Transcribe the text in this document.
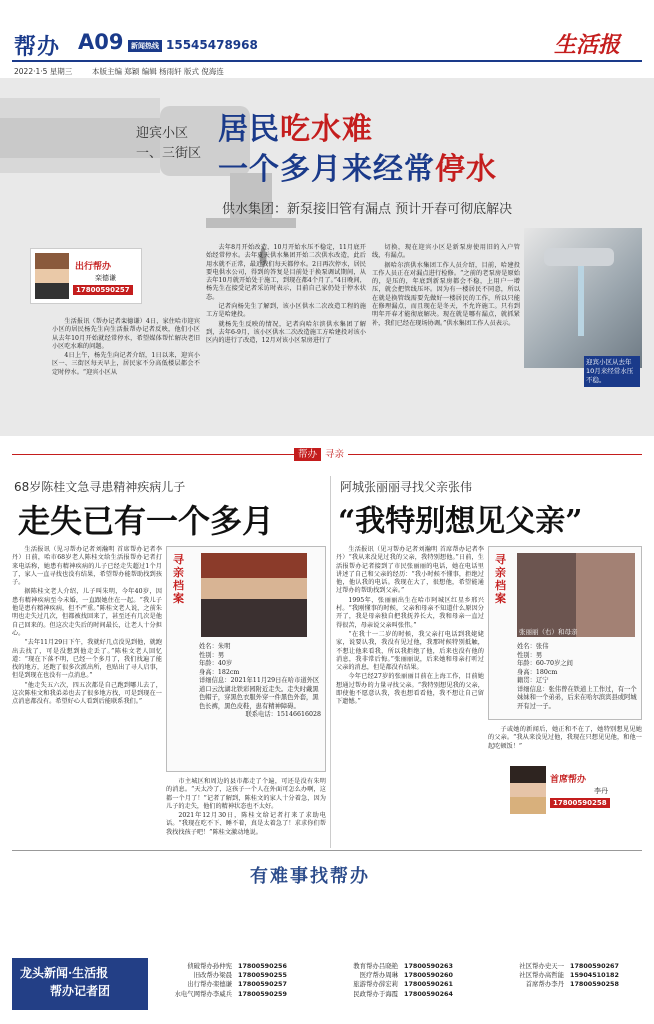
帮办 A09	新闻热线 15545478968	生活报
2022·1·5 星期三	本版主编 郑颖 编辑 杨雨轩 版式 倪海连
迎宾小区
一、三街区
居民吃水难
一个多月来经常停水
供水集团：新泵接旧管有漏点 预计开春可彻底解决
出行帮办
栾德谦
17800590257

生活报讯（帮办记者栾德谦）4日，家住哈市迎宾小区的居民杨先生向生活报帮办记者反映，他们小区从去年10月开始就经常停水，希望媒体帮忙解决老旧小区吃水难的问题。

4日上午，杨先生向记者介绍，1日以来，迎宾小区一、三街区每天早上，居民家不分高低楼层都会不定时停水。“迎宾小区从

去年8月开始改造，10月开始水压不稳定，11月底开始经常停水。去年夏天供水集团开始二次供水改造，此后用水就不正常，最近我们每天都停水。2日再次停水，居民要电供水公司，得到的答复是目前处于换泵调试期间，从去年10月就开始处于施工，到现在都4个月了。”4日晚间，杨先生在接受记者采访时表示，目前自己家仍处于停水状态。

记者向杨先生了解到，该小区供水二次改造工程的施工方是哈建投。

就杨先生反映的情况，记者向哈尔滨供水集团了解到，去年6-9月，该小区供水二次改造施工方哈建投对该小区内的进行了改造，12月对该小区泵房进行了

切换，现在迎宾小区是新泵房使用旧的入户管线，有漏点。

据哈尔滨供水集团工作人员介绍，目前，哈建投工作人员正在对漏点进行检修。“之前的老泵房是原始的，是压的，年底到新泵房都会不稳，上用户一增压，就会把管线压坏。因为有一楼居民不同意，所以在就是换管线需要先做好一楼居民的工作，所以只能在修理漏点，而且现在是冬天，不允许施工。只有到明年开春才能彻底解决。现在就是哪有漏点，就抓紧补，我们已经在现场协调。”供水集团工作人员表示。

迎宾小区从去年10月来经常水压不稳。
帮办 寻亲
68岁陈桂文急寻患精神疾病儿子
走失已有一个多月

生活报讯（见习帮办记者刘瀚明 首席帮办记者李丹）日前，哈市68岁老人陈桂文给生活报帮办记者打来电话称，她患有精神疾病的儿子已经走失超过1个月了，家人一直寻找也没有结果，希望帮办能帮助找到孩子。

据陈桂文老人介绍，儿子叫朱明，今年40岁，因患有精神疾病至今未婚，一直跟她住在一起。“我儿子他是患有精神疾病，但不严重。”陈桂文老人说，之前朱明也走失过几次，但都被找回来了，甚至还有几次是他自己回来的。但这次走失后的时间最长，让老人十分担心。

“去年11月29日下午，我就好几点没见到他，就跑出去找了，可是没想到他走丢了。”陈桂文老人回忆道：“现在下落不明，已经一个多月了，我们找遍了能找的地方，还跑了很多次派出所，也贴出了寻人启事，但是到现在也没有一点消息。”

“他走失五六次，四五次都是自己跑到哪儿去了，这次陈桂文和我弟弟也去了很多地方找，可是到现在一点消息都没有。希望好心人看到后能联系我们。”

寻亲档案
姓名：朱明
性别：男
年龄：40岁
身高：182cm
详细信息：2021年11月29日在哈市道外区道口云沈湖北铁彩园附近走失。走失时戴黑色帽子，穿黑色衣服外穿一件黑色外套，黑色长裤，黑色皮鞋，患有精神障碍。
联系电话：15146616028

市主城区和周边的县市都走了个遍，可还是没有朱明的消息。“天太冷了，这孩子一个人在外面可怎么办啊，这都一个月了！”记者了解到，陈桂文的家人十分着急，因为儿子的走失，他们的精神状态也不太好。

2021年12月30日，陈桂文给记者打来了求助电话。“我现在吃不下、睡不着，真是太着急了！求求你们帮我找找孩子吧！”陈桂文激动地说。

阿城张丽丽寻找父亲张伟
“我特别想见父亲”

生活报讯（见习帮办记者刘瀚明 首席帮办记者李丹）“我从来没见过我的父亲，我特别想他。”日前，生活报帮办记者接到了市民张丽丽的电话，她在电话里讲述了自己和父亲的经历：“我小时候不懂事，拒绝过他，他认我的电话。我现在大了，很想他，希望能通过帮办的帮助找到父亲。”

1995年，张丽丽出生在哈市阿城区红星乡邢兴村。“我刚懂事的时候，父亲和母亲不知道什么原因分开了，我是母亲独自把我抚养长大，我和母亲一直过得很苦，母亲说父亲叫张伟。”

“在我十一二岁的时候，我父亲打电话到我姥姥家，说要认我，我没有见过他，我那时候特别抵触，不想让他来看我，所以我拒绝了他，后来也没有他的消息，我非常后悔。”张丽丽说，后来她和母亲打听过父亲的消息，但是都没有结果。

今年已经27岁的张丽丽目前在上海工作，目前她想通过帮办的力量寻找父亲。“我特别想见我的父亲，即使他不愿意认我，我也想看看他，我不想让自己留下遗憾。”

寻亲档案
张丽丽（右）和母亲
姓名：张伟
性别：男
年龄：60-70岁之间
身高：180cm
籍贯：辽宁
详细信息：张伟曾在铁道上工作过，有一个妹妹和一个弟弟，后来在哈尔滨宾县或阿城开有过一子。

子或她的新闻后，她正和不在了，她特别想见见她的父亲。“我从来没见过他，我现在只想见见他，和他一起吃顿饭！”

首席帮办
李丹
17800590258
有难事找帮办
龙头新闻·生活报
帮办记者团
侦破帮办孙仲宪 17800590256	教育帮办吕晓艳 17800590263	社区帮办史天一 17800590267
旧改帮办梁晨 17800590255	医疗帮办周琳 17800590260	社区帮办高哲能 15904510182
出行帮办栾德谦 17800590257	旅游帮办薛宏莉 17800590261	首席帮办李丹 17800590258
水电气网帮办李威兵 17800590259	民政帮办于海霞 17800590264
